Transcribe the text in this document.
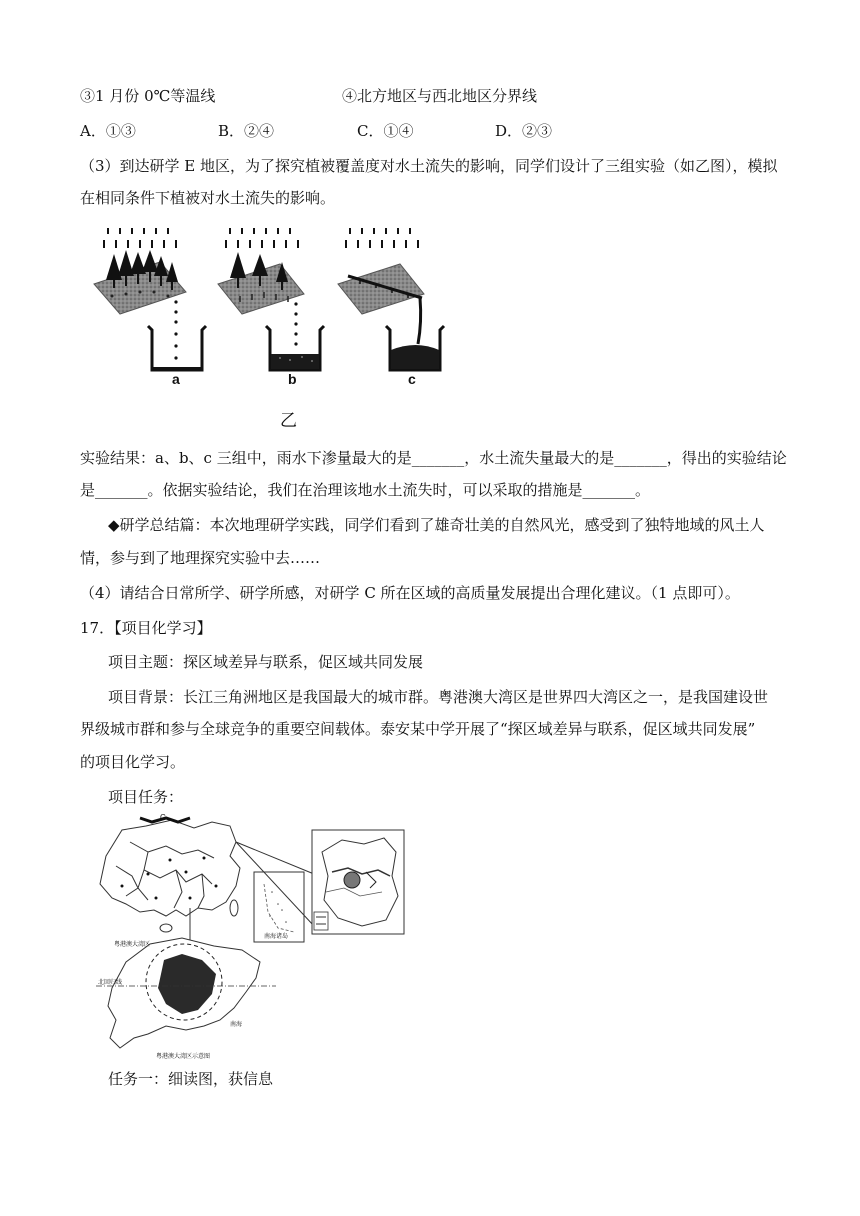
③1 月份 0℃等温线	④北方地区与西北地区分界线
A．①③	B．②④	C．①④	D．②③
（3）到达研学 E 地区，为了探究植被覆盖度对水土流失的影响，同学们设计了三组实验（如乙图），模拟
在相同条件下植被对水土流失的影响。
a	b	c
乙
实验结果：a、b、c 三组中，雨水下渗量最大的是_______，水土流失量最大的是_______，得出的实验结论
是_______。依据实验结论，我们在治理该地水土流失时，可以采取的措施是_______。
◆研学总结篇：本次地理研学实践，同学们看到了雄奇壮美的自然风光，感受到了独特地域的风土人
情，参与到了地理探究实验中去……
（4）请结合日常所学、研学所感，对研学 C 所在区域的高质量发展提出合理化建议。（1 点即可）。
17．【项目化学习】
项目主题：探区域差异与联系，促区域共同发展
项目背景：长江三角洲地区是我国最大的城市群。粤港澳大湾区是世界四大湾区之一，是我国建设世
界级城市群和参与全球竞争的重要空间载体。泰安某中学开展了“探区域差异与联系，促区域共同发展”
的项目化学习。
项目任务：
C
南海诸岛
粤港澳大湾区
北回归线
南海
粤港澳大湾区示意图
任务一：细读图，获信息
